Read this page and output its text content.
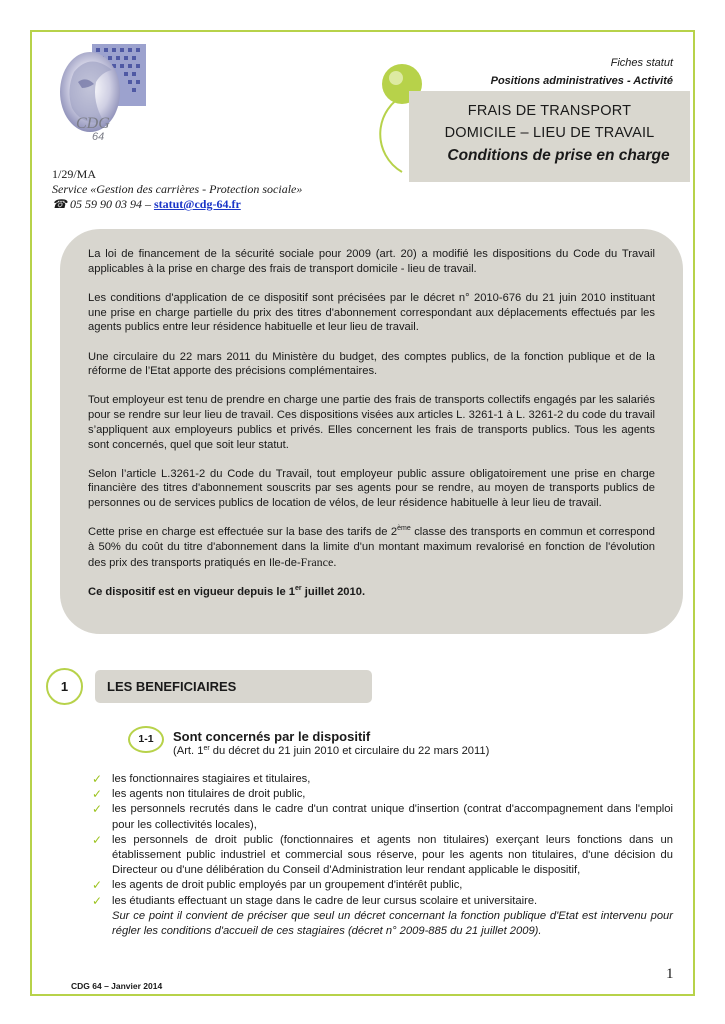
CDG
64
Fiches statut
Positions administratives - Activité
FRAIS DE TRANSPORT
DOMICILE – LIEU DE TRAVAIL
Conditions de prise en charge
1/29/MA
Service «Gestion des carrières - Protection sociale»
☎ 05 59 90 03 94 – statut@cdg-64.fr

La loi de financement de la sécurité sociale pour 2009 (art. 20) a modifié les dispositions du Code du Travail applicables à la prise en charge des frais de transport domicile - lieu de travail.

Les conditions d'application de ce dispositif sont précisées par le décret n° 2010-676 du 21 juin 2010 instituant une prise en charge partielle du prix des titres d'abonnement correspondant aux déplacements effectués par les agents publics entre leur résidence habituelle et leur lieu de travail.

Une circulaire du 22 mars 2011 du Ministère du budget, des comptes publics, de la fonction publique et de la réforme de l’Etat apporte des précisions complémentaires.

Tout employeur est tenu de prendre en charge une partie des frais de transports collectifs engagés par les salariés pour se rendre sur leur lieu de travail. Ces dispositions visées aux articles L. 3261-1 à L. 3261-2 du code du travail s’appliquent aux employeurs publics et privés. Elles concernent les frais de transports publics. Tous les agents sont concernés, quel que soit leur statut.

Selon l’article L.3261-2 du Code du Travail, tout employeur public assure obligatoirement une prise en charge financière des titres d'abonnement souscrits par ses agents pour se rendre, au moyen de transports publics de personnes ou de services publics de location de vélos, de leur résidence habituelle à leur lieu de travail.

Cette prise en charge est effectuée sur la base des tarifs de 2ème classe des transports en commun et correspond à 50% du coût du titre d'abonnement dans la limite d'un montant maximum revalorisé en fonction de l'évolution des prix des transports pratiqués en Ile-de-France.

Ce dispositif est en vigueur depuis le 1er juillet 2010.

1	LES BENEFICIAIRES
1-1	Sont concernés par le dispositif
(Art. 1er du décret du 21 juin 2010 et circulaire du 22 mars 2011)
✓ les fonctionnaires stagiaires et titulaires,
✓ les agents non titulaires de droit public,
✓ les personnels recrutés dans le cadre d'un contrat unique d'insertion (contrat d'accompagnement dans l'emploi pour les collectivités locales),
✓ les personnels de droit public (fonctionnaires et agents non titulaires) exerçant leurs fonctions dans un établissement public industriel et commercial sous réserve, pour les agents non titulaires, d'une décision du Directeur ou d'une délibération du Conseil d'Administration leur rendant applicable le dispositif,
✓ les agents de droit public employés par un groupement d'intérêt public,
✓ les étudiants effectuant un stage dans le cadre de leur cursus scolaire et universitaire.
Sur ce point il convient de préciser que seul un décret concernant la fonction publique d'Etat est intervenu pour régler les conditions d'accueil de ces stagiaires (décret n° 2009-885 du 21 juillet 2009).
1
CDG 64 – Janvier 2014
